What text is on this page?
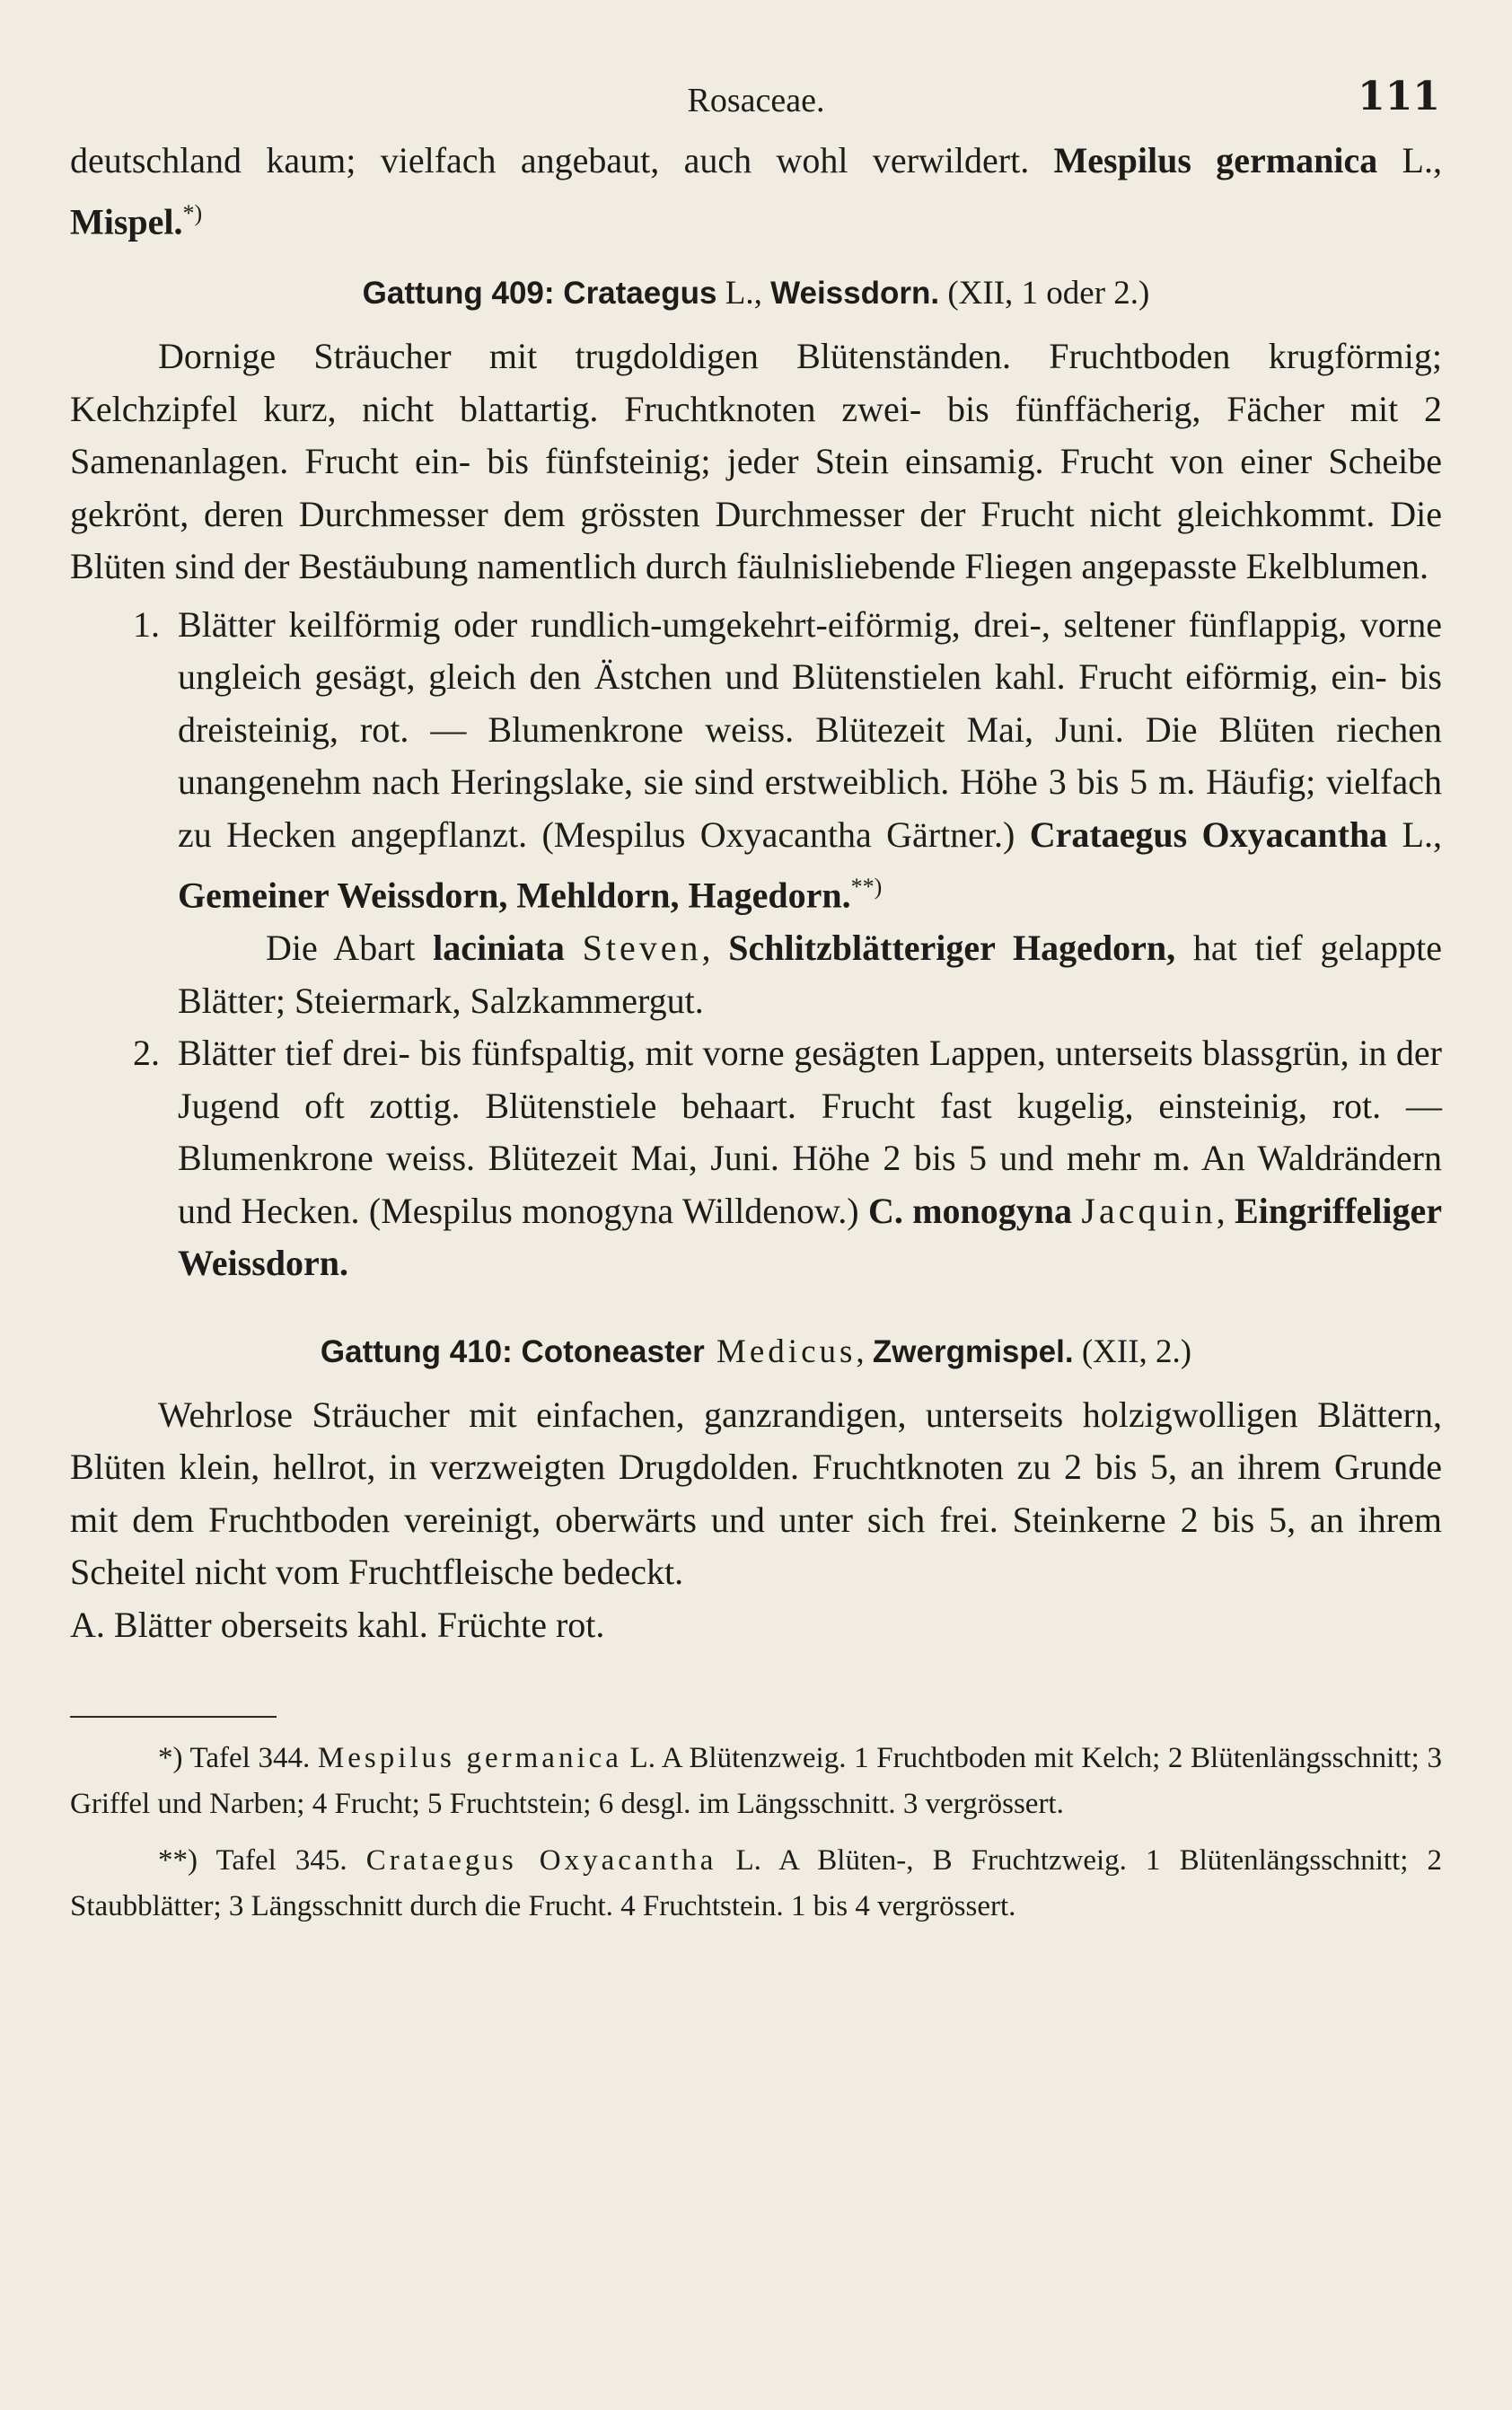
Rosaceae.	111

deutschland kaum; vielfach angebaut, auch wohl verwildert. Mespilus germanica L., Mispel.*)

Gattung 409: Crataegus L., Weissdorn. (XII, 1 oder 2.)

Dornige Sträucher mit trugdoldigen Blütenständen. Fruchtboden krugförmig; Kelchzipfel kurz, nicht blattartig. Fruchtknoten zwei- bis fünffächerig, Fächer mit 2 Samenanlagen. Frucht ein- bis fünfsteinig; jeder Stein einsamig. Frucht von einer Scheibe gekrönt, deren Durchmesser dem grössten Durchmesser der Frucht nicht gleichkommt. Die Blüten sind der Bestäubung namentlich durch fäulnisliebende Fliegen angepasste Ekelblumen.

1. Blätter keilförmig oder rundlich-umgekehrt-eiförmig, drei-, seltener fünflappig, vorne ungleich gesägt, gleich den Ästchen und Blütenstielen kahl. Frucht eiförmig, ein- bis dreisteinig, rot. — Blumenkrone weiss. Blütezeit Mai, Juni. Die Blüten riechen unangenehm nach Heringslake, sie sind erstweiblich. Höhe 3 bis 5 m. Häufig; vielfach zu Hecken angepflanzt. (Mespilus Oxyacantha Gärtner.) Crataegus Oxyacantha L., Gemeiner Weissdorn, Mehldorn, Hagedorn.**)

Die Abart laciniata Steven, Schlitzblätteriger Hagedorn, hat tief gelappte Blätter; Steiermark, Salzkammergut.

2. Blätter tief drei- bis fünfspaltig, mit vorne gesägten Lappen, unterseits blassgrün, in der Jugend oft zottig. Blütenstiele behaart. Frucht fast kugelig, einsteinig, rot. — Blumenkrone weiss. Blütezeit Mai, Juni. Höhe 2 bis 5 und mehr m. An Waldrändern und Hecken. (Mespilus monogyna Willdenow.) C. monogyna Jacquin, Eingriffeliger Weissdorn.

Gattung 410: Cotoneaster Medicus, Zwergmispel. (XII, 2.)

Wehrlose Sträucher mit einfachen, ganzrandigen, unterseits holzigwolligen Blättern, Blüten klein, hellrot, in verzweigten Drugdolden. Fruchtknoten zu 2 bis 5, an ihrem Grunde mit dem Fruchtboden vereinigt, oberwärts und unter sich frei. Steinkerne 2 bis 5, an ihrem Scheitel nicht vom Fruchtfleische bedeckt.

A. Blätter oberseits kahl. Früchte rot.

*) Tafel 344. Mespilus germanica L. A Blütenzweig. 1 Fruchtboden mit Kelch; 2 Blütenlängsschnitt; 3 Griffel und Narben; 4 Frucht; 5 Fruchtstein; 6 desgl. im Längsschnitt. 3 vergrössert.

**) Tafel 345. Crataegus Oxyacantha L. A Blüten-, B Fruchtzweig. 1 Blütenlängsschnitt; 2 Staubblätter; 3 Längsschnitt durch die Frucht. 4 Fruchtstein. 1 bis 4 vergrössert.
